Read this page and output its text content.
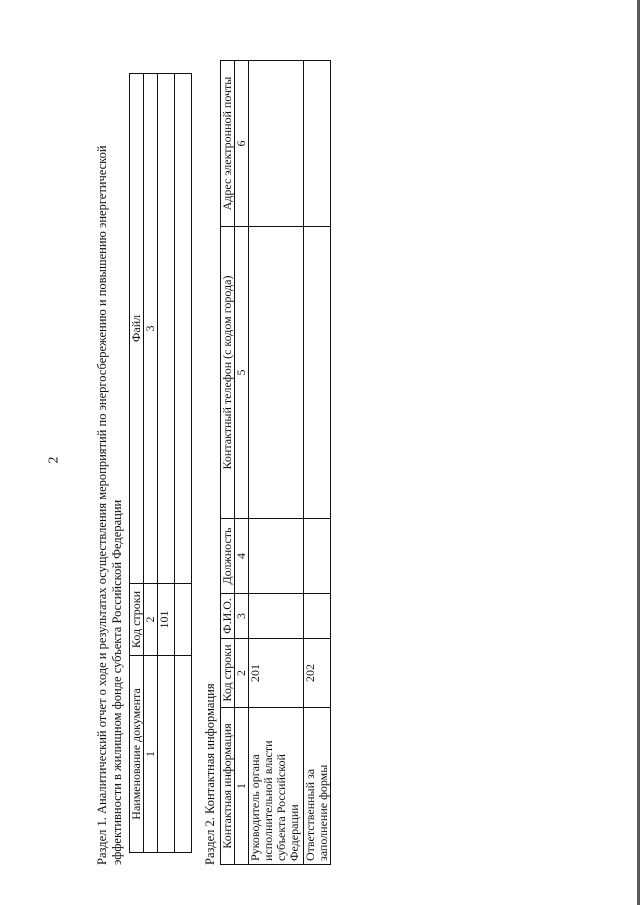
2	Раздел 1. Аналитический отчет о ходе и результатах осуществления мероприятий по энергосбережению и повышению энергетической эффективности в жилищном фонде субъекта Российской Федерации Наименование документа	Код строки	Файл
1	2	3
	101	

Раздел 2. Контактная информация Контактная информация	Код строки	Ф.И.О.	Должность	Контактный телефон (с кодом города)	Адрес электронной почты
1	2	3	4	5	6
Руководитель органа исполнительной власти субъекта Российской Федерации	201				
Ответственный за заполнение формы	202				
